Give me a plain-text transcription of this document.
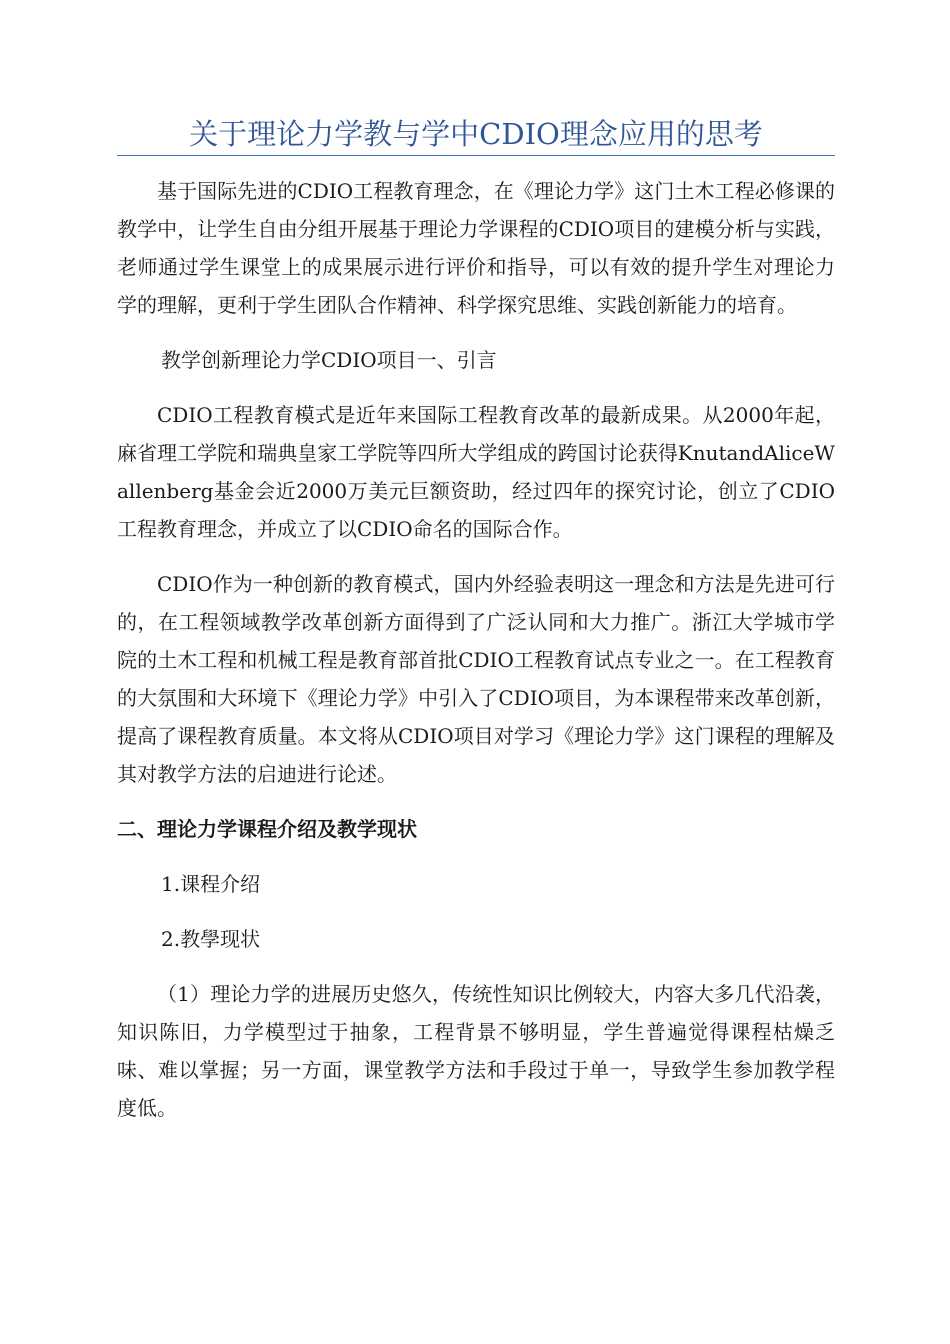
关于理论力学教与学中CDIO理念应用的思考

基于国际先进的CDIO工程教育理念，在《理论力学》这门土木工程必修课的教学中，让学生自由分组开展基于理论力学课程的CDIO项目的建模分析与实践，老师通过学生课堂上的成果展示进行评价和指导，可以有效的提升学生对理论力学的理解，更利于学生团队合作精神、科学探究思维、实践创新能力的培育。

教学创新理论力学CDIO项目一、引言

CDIO工程教育模式是近年来国际工程教育改革的最新成果。从2000年起，麻省理工学院和瑞典皇家工学院等四所大学组成的跨国讨论获得KnutandAliceWallenberg基金会近2000万美元巨额资助，经过四年的探究讨论，创立了CDIO工程教育理念，并成立了以CDIO命名的国际合作。

CDIO作为一种创新的教育模式，国内外经验表明这一理念和方法是先进可行的，在工程领域教学改革创新方面得到了广泛认同和大力推广。浙江大学城市学院的土木工程和机械工程是教育部首批CDIO工程教育试点专业之一。在工程教育的大氛围和大环境下《理论力学》中引入了CDIO项目，为本课程带来改革创新，提高了课程教育质量。本文将从CDIO项目对学习《理论力学》这门课程的理解及其对教学方法的启迪进行论述。

二、理论力学课程介绍及教学现状

1.课程介绍

2.教學现状

（1）理论力学的进展历史悠久，传统性知识比例较大，内容大多几代沿袭，知识陈旧，力学模型过于抽象，工程背景不够明显，学生普遍觉得课程枯燥乏味、难以掌握；另一方面，课堂教学方法和手段过于单一，导致学生参加教学程度低。
